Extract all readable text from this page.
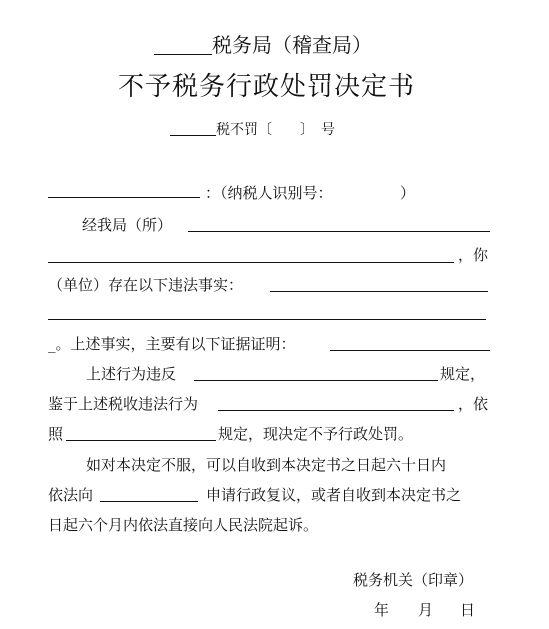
税务局（稽查局）
不予税务行政处罚决定书
税不罚〔　　〕　号
：（纳税人识别号：　　　　　）
经我局（所）
，你
（单位）存在以下违法事实：
_。上述事实，主要有以下证据证明：
上述行为违反	规定，
鉴于上述税收违法行为	，依
照	规定，现决定不予行政处罚。
如对本决定不服，可以自收到本决定书之日起六十日内
依法向	申请行政复议，或者自收到本决定书之
日起六个月内依法直接向人民法院起诉。
税务机关（印章）
年 月 日
